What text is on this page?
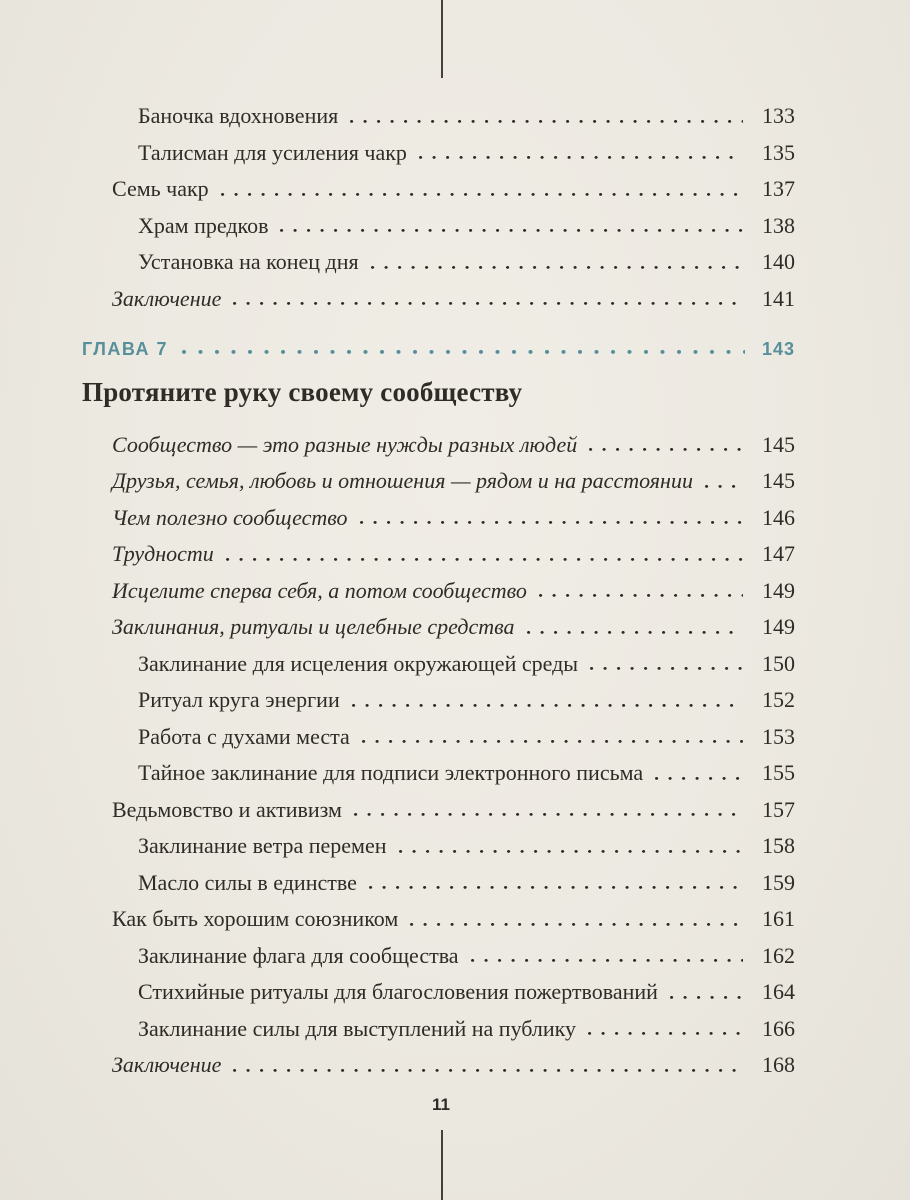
Баночка вдохновения	133
Талисман для усиления чакр	135
Семь чакр	137
Храм предков	138
Установка на конец дня	140
Заключение	141
ГЛАВА 7	143
Протяните руку своему сообществу
Сообщество — это разные нужды разных людей	145
Друзья, семья, любовь и отношения — рядом и на расстоянии	145
Чем полезно сообщество	146
Трудности	147
Исцелите сперва себя, а потом сообщество	149
Заклинания, ритуалы и целебные средства	149
Заклинание для исцеления окружающей среды	150
Ритуал круга энергии	152
Работа с духами места	153
Тайное заклинание для подписи электронного письма	155
Ведьмовство и активизм	157
Заклинание ветра перемен	158
Масло силы в единстве	159
Как быть хорошим союзником	161
Заклинание флага для сообщества	162
Стихийные ритуалы для благословения пожертвований	164
Заклинание силы для выступлений на публику	166
Заключение	168
11
